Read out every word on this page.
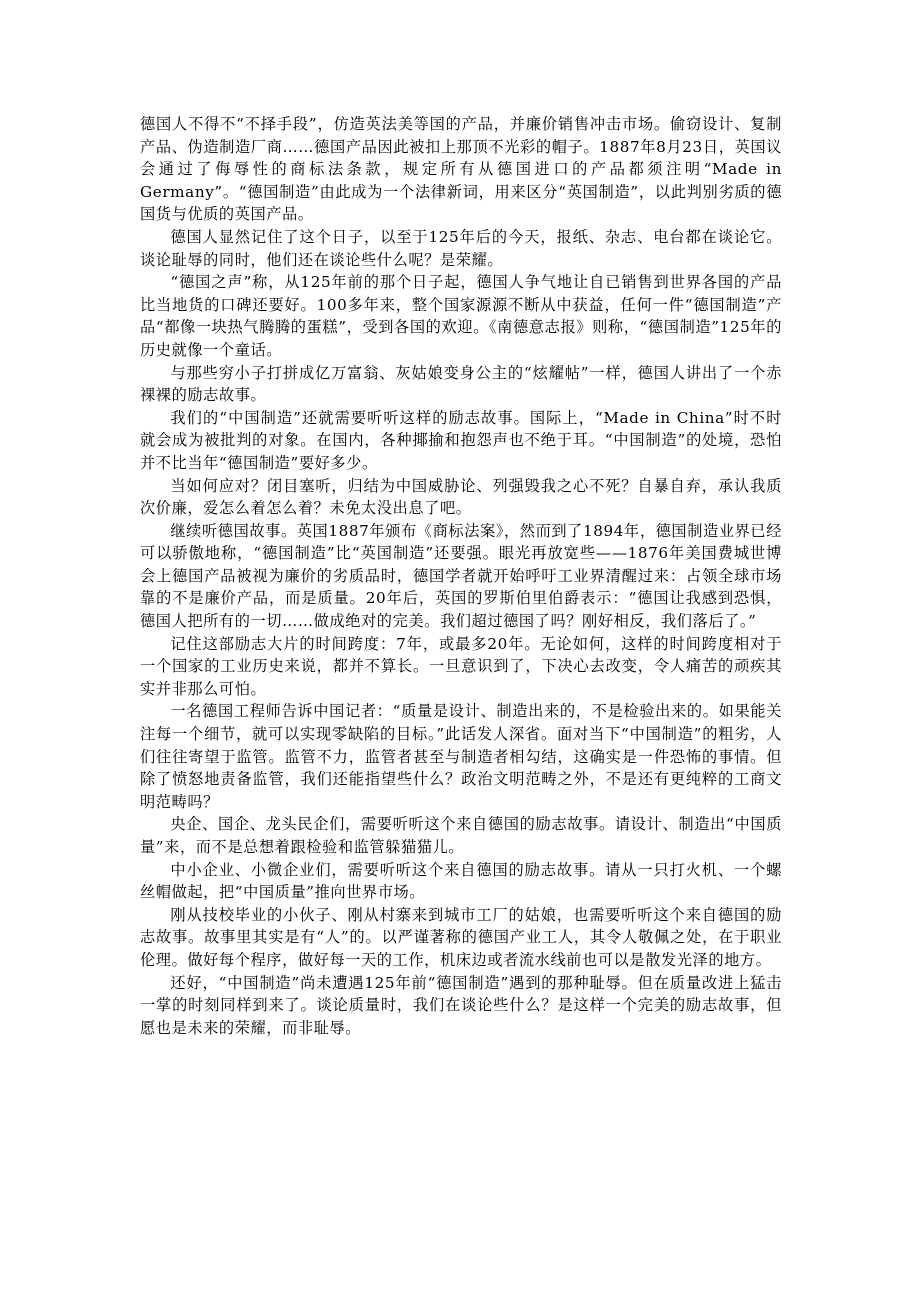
德国人不得不“不择手段”，仿造英法美等国的产品，并廉价销售冲击市场。偷窃设计、复制产品、伪造制造厂商……德国产品因此被扣上那顶不光彩的帽子。1887年8月23日，英国议会通过了侮辱性的商标法条款，规定所有从德国进口的产品都须注明“Made in Germany”。“德国制造”由此成为一个法律新词，用来区分“英国制造”，以此判别劣质的德国货与优质的英国产品。

德国人显然记住了这个日子，以至于125年后的今天，报纸、杂志、电台都在谈论它。谈论耻辱的同时，他们还在谈论些什么呢？是荣耀。

“德国之声”称，从125年前的那个日子起，德国人争气地让自已销售到世界各国的产品比当地货的口碑还要好。100多年来，整个国家源源不断从中获益，任何一件“德国制造”产品“都像一块热气腾腾的蛋糕”，受到各国的欢迎。《南德意志报》则称，“德国制造”125年的历史就像一个童话。

与那些穷小子打拼成亿万富翁、灰姑娘变身公主的“炫耀帖”一样，德国人讲出了一个赤裸裸的励志故事。

我们的“中国制造”还就需要听听这样的励志故事。国际上，“Made in China”时不时就会成为被批判的对象。在国内，各种揶揄和抱怨声也不绝于耳。“中国制造”的处境，恐怕并不比当年“德国制造”要好多少。

当如何应对？闭目塞听，归结为中国威胁论、列强毁我之心不死？自暴自弃，承认我质次价廉，爱怎么着怎么着？未免太没出息了吧。

继续听德国故事。英国1887年颁布《商标法案》，然而到了1894年，德国制造业界已经可以骄傲地称，“德国制造”比“英国制造”还要强。眼光再放宽些——1876年美国费城世博会上德国产品被视为廉价的劣质品时，德国学者就开始呼吁工业界清醒过来：占领全球市场靠的不是廉价产品，而是质量。20年后，英国的罗斯伯里伯爵表示：“德国让我感到恐惧，德国人把所有的一切……做成绝对的完美。我们超过德国了吗？刚好相反，我们落后了。”

记住这部励志大片的时间跨度：7年，或最多20年。无论如何，这样的时间跨度相对于一个国家的工业历史来说，都并不算长。一旦意识到了，下决心去改变，令人痛苦的顽疾其实并非那么可怕。

一名德国工程师告诉中国记者：“质量是设计、制造出来的，不是检验出来的。如果能关注每一个细节，就可以实现零缺陷的目标。”此话发人深省。面对当下“中国制造”的粗劣，人们往往寄望于监管。监管不力，监管者甚至与制造者相勾结，这确实是一件恐怖的事情。但除了愤怒地责备监管，我们还能指望些什么？政治文明范畴之外，不是还有更纯粹的工商文明范畴吗？

央企、国企、龙头民企们，需要听听这个来自德国的励志故事。请设计、制造出“中国质量”来，而不是总想着跟检验和监管躲猫猫儿。

中小企业、小微企业们，需要听听这个来自德国的励志故事。请从一只打火机、一个螺丝帽做起，把“中国质量”推向世界市场。

刚从技校毕业的小伙子、刚从村寨来到城市工厂的姑娘，也需要听听这个来自德国的励志故事。故事里其实是有“人”的。以严谨著称的德国产业工人，其令人敬佩之处，在于职业伦理。做好每个程序，做好每一天的工作，机床边或者流水线前也可以是散发光泽的地方。

还好，“中国制造”尚未遭遇125年前“德国制造”遇到的那种耻辱。但在质量改进上猛击一掌的时刻同样到来了。谈论质量时，我们在谈论些什么？是这样一个完美的励志故事，但愿也是未来的荣耀，而非耻辱。
